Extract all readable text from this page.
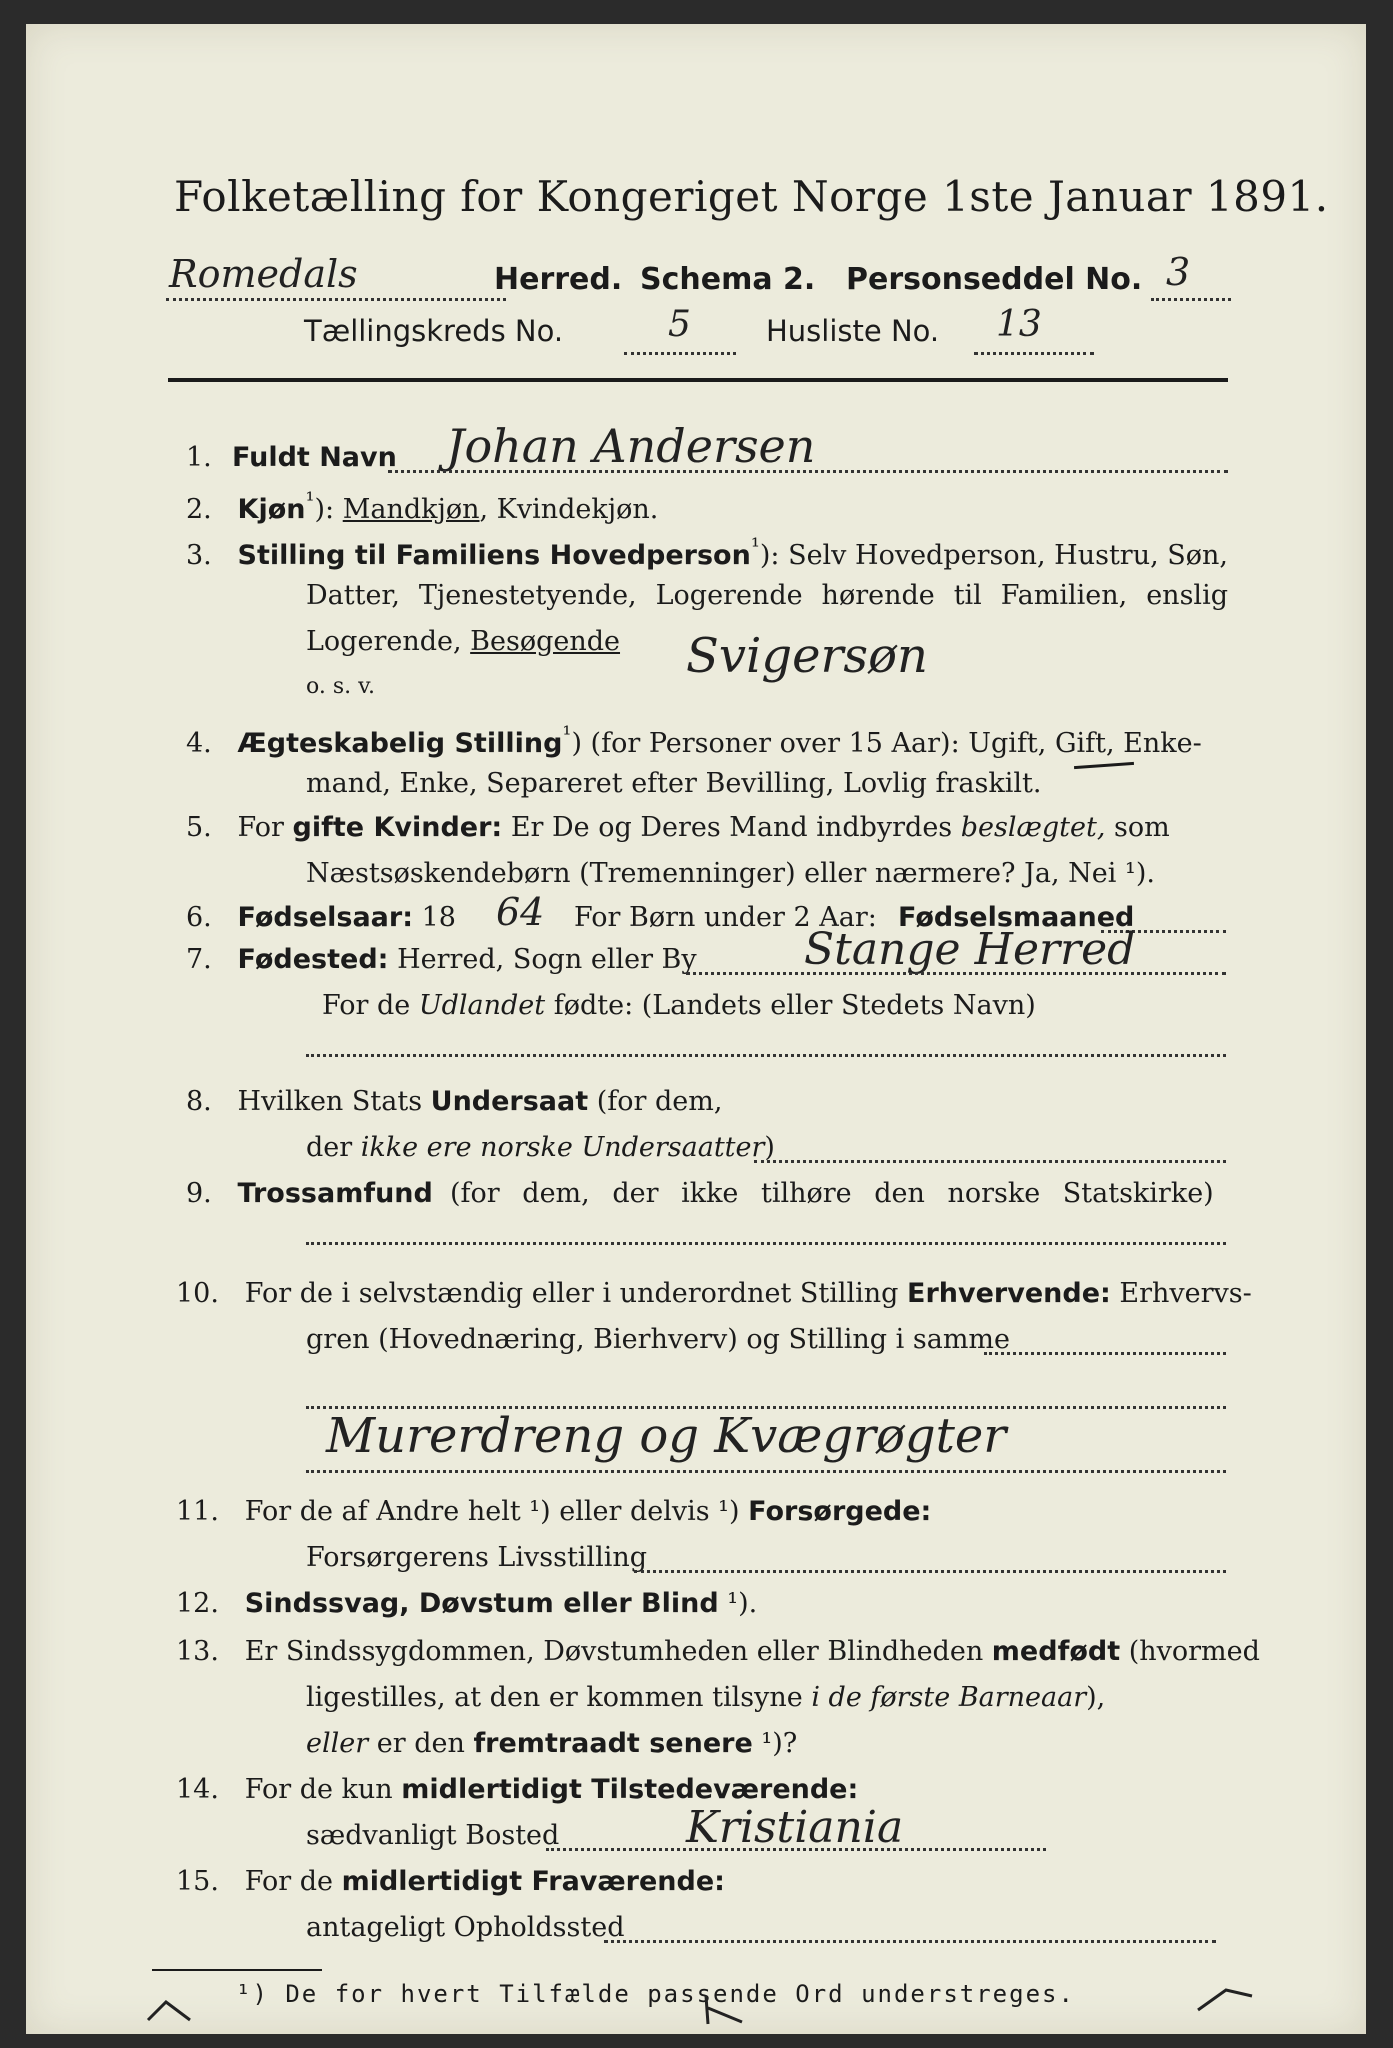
Folketælling for Kongeriget Norge 1ste Januar 1891.
Romedals	Herred. Schema 2. Personseddel No. 3
Tællingskreds No.	5	Husliste No. 13
1. Fuldt Navn Johan Andersen
2. Kjøn$^{^1}$): Mandkjøn, Kvindekjøn.
3. Stilling til Familiens Hovedperson$^{^1}$): Selv Hovedperson, Hustru, Søn,
Datter, Tjenestetyende, Logerende hørende til Familien, enslig
Logerende, Besøgende Svigersøn
o. s. v.
4. Ægteskabelig Stilling$^{^1}$) (for Personer over 15 Aar): Ugift, Gift, Enke-
mand, Enke, Separeret efter Bevilling, Lovlig fraskilt.
5. For gifte Kvinder: Er De og Deres Mand indbyrdes beslægtet, som
Næstsøskendebørn (Tremenninger) eller nærmere? Ja, Nei ¹).
6. Fødselsaar: 18 64 For Børn under 2 Aar: Fødselsmaaned
7. Fødested: Herred, Sogn eller By Stange Herred
For de Udlandet fødte: (Landets eller Stedets Navn)
8. Hvilken Stats Undersaat (for dem,
der ikke ere norske Undersaatter)
9. Trossamfund (for dem, der ikke tilhøre den norske Statskirke)
10. For de i selvstændig eller i underordnet Stilling Erhvervende: Erhvervs-
gren (Hovednæring, Bierhverv) og Stilling i samme
Murerdreng og Kvægrøgter
11. For de af Andre helt ¹) eller delvis ¹) Forsørgede:
Forsørgerens Livsstilling
12. Sindssvag, Døvstum eller Blind ¹).
13. Er Sindssygdommen, Døvstumheden eller Blindheden medfødt (hvormed
ligestilles, at den er kommen tilsyne i de første Barneaar),
eller er den fremtraadt senere ¹)?
14. For de kun midlertidigt Tilstedeværende:
sædvanligt Bosted	Kristiania
15. For de midlertidigt Fraværende:
antageligt Opholdssted
¹) De for hvert Tilfælde passende Ord understreges.
